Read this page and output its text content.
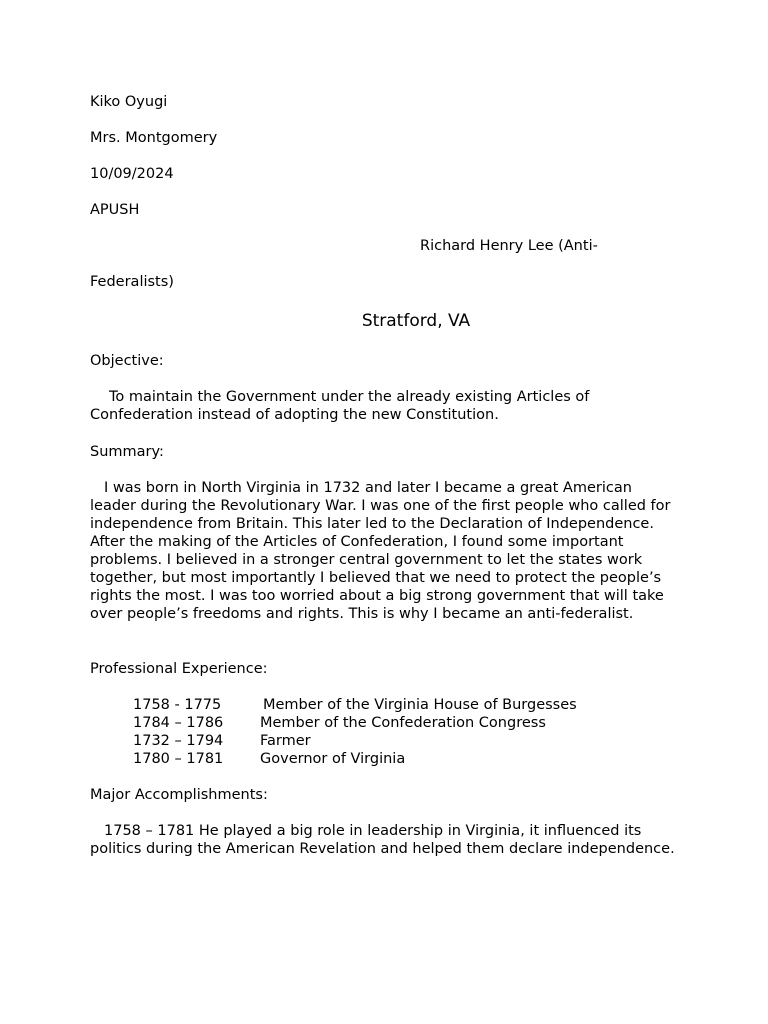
Kiko Oyugi
Mrs. Montgomery
10/09/2024
APUSH
Richard Henry Lee (Anti-
Federalists)
Stratford, VA
Objective:
To maintain the Government under the already existing Articles of Confederation instead of adopting the new Constitution.
Summary:
I was born in North Virginia in 1732 and later I became a great American leader during the Revolutionary War. I was one of the first people who called for independence from Britain. This later led to the Declaration of Independence. After the making of the Articles of Confederation, I found some important problems. I believed in a stronger central government to let the states work together, but most importantly I believed that we need to protect the people’s rights the most. I was too worried about a big strong government that will take over people’s freedoms and rights. This is why I became an anti-federalist.
Professional Experience:
1758 - 1775	Member of the Virginia House of Burgesses
1784 – 1786	Member of the Confederation Congress
1732 – 1794	Farmer
1780 – 1781	Governor of Virginia
Major Accomplishments:
1758 – 1781 He played a big role in leadership in Virginia, it influenced its politics during the American Revelation and helped them declare independence.
